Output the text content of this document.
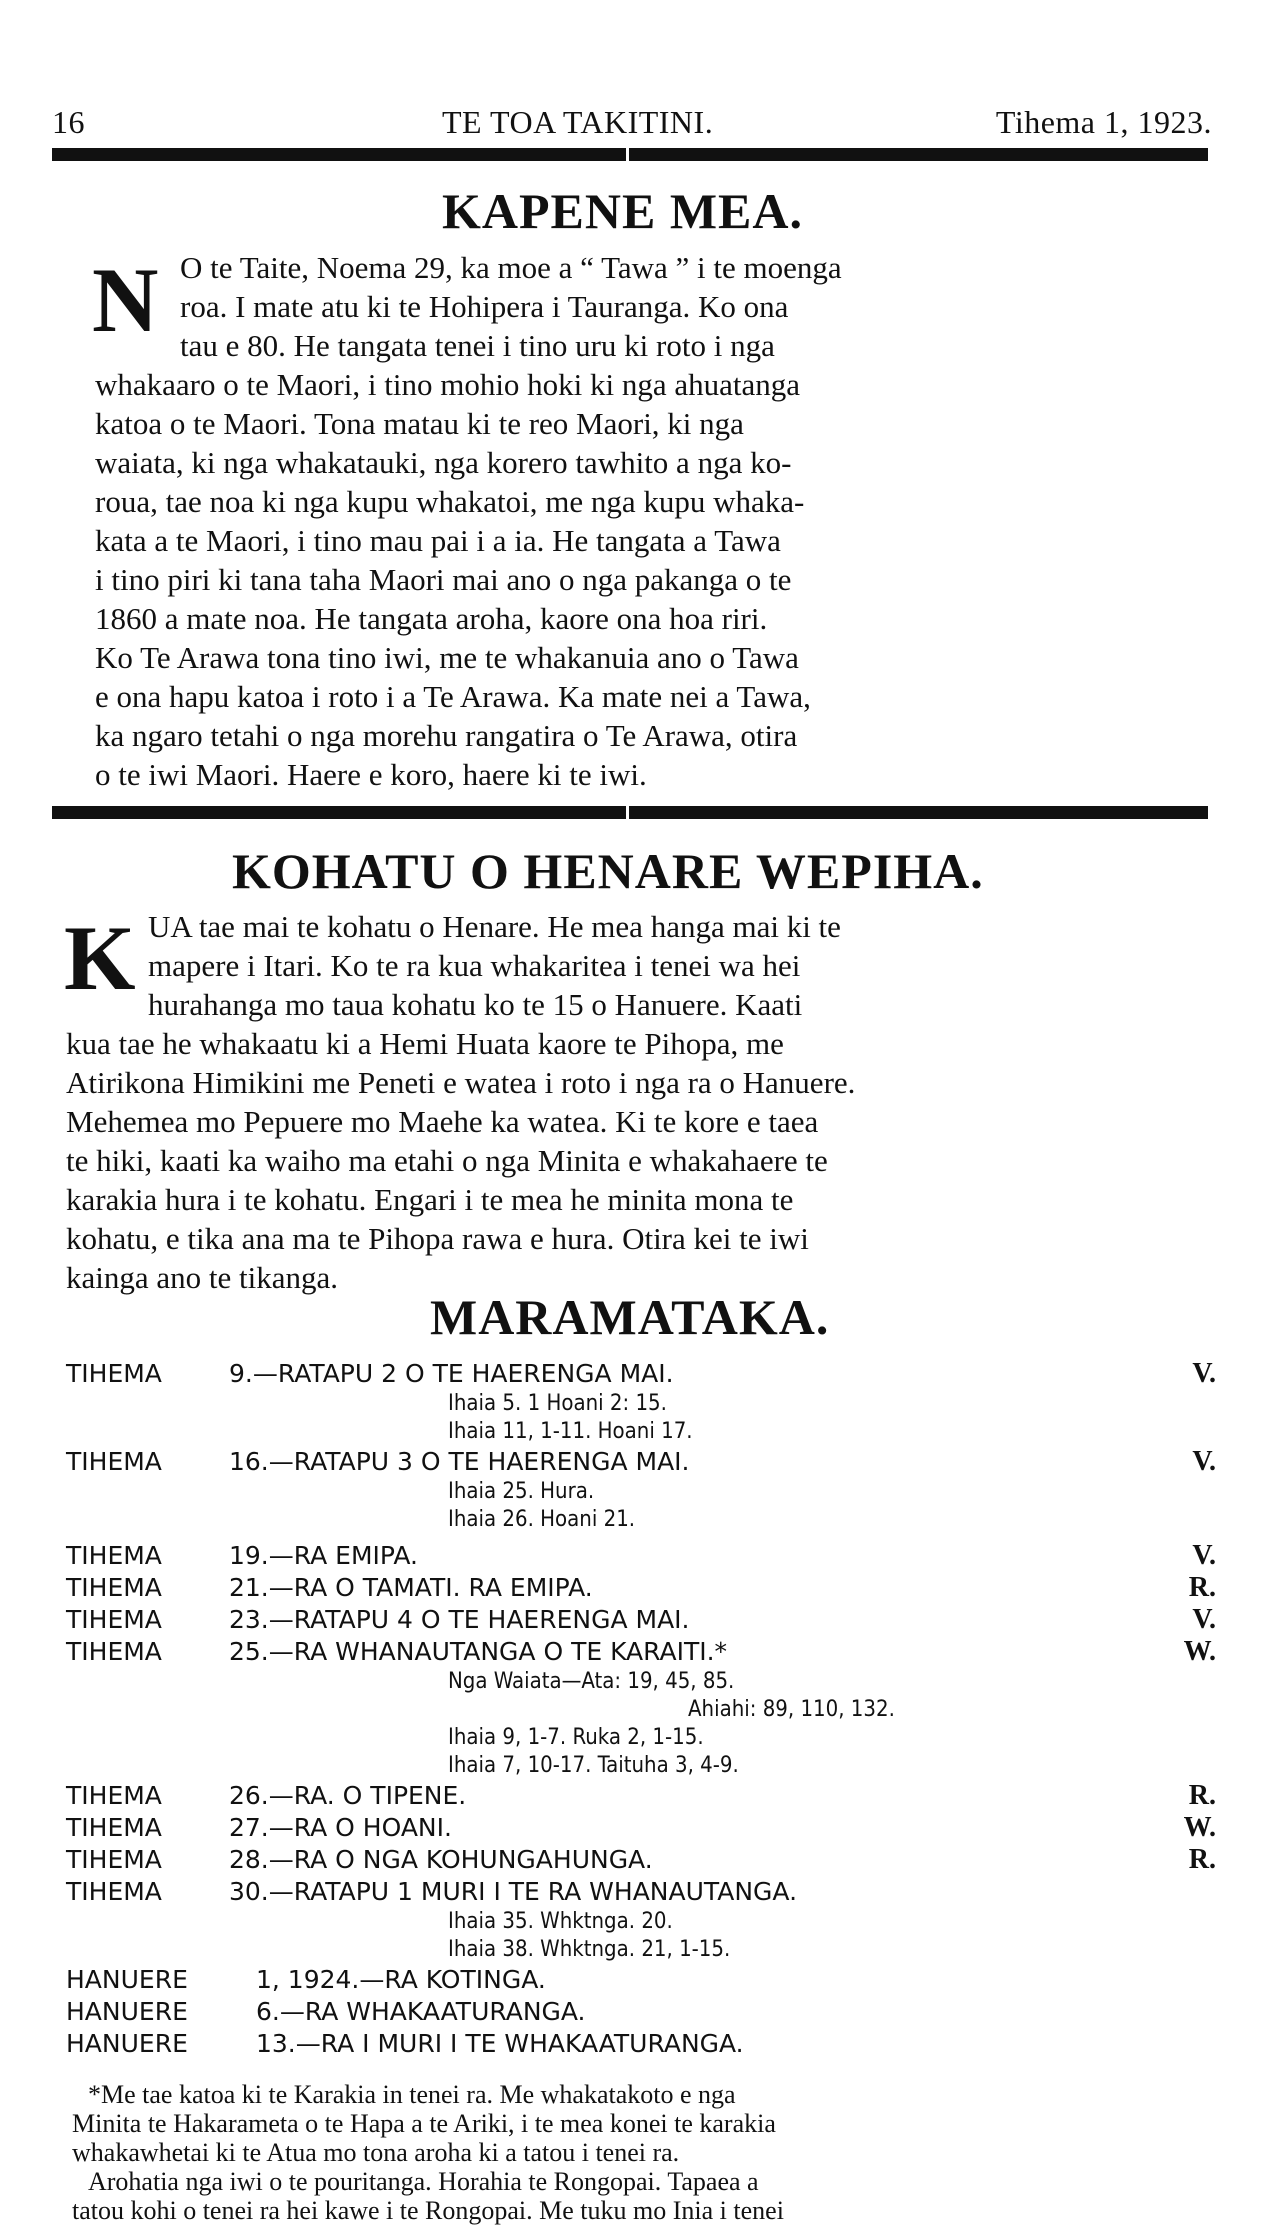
16	TE TOA TAKITINI.	Tihema 1, 1923.
KAPENE MEA.
N O te Taite, Noema 29, ka moe a “ Tawa ” i te moenga
roa. I mate atu ki te Hohipera i Tauranga. Ko ona
tau e 80. He tangata tenei i tino uru ki roto i nga
whakaaro o te Maori, i tino mohio hoki ki nga ahuatanga
katoa o te Maori. Tona matau ki te reo Maori, ki nga
waiata, ki nga whakatauki, nga korero tawhito a nga ko-
roua, tae noa ki nga kupu whakatoi, me nga kupu whaka-
kata a te Maori, i tino mau pai i a ia. He tangata a Tawa
i tino piri ki tana taha Maori mai ano o nga pakanga o te
1860 a mate noa. He tangata aroha, kaore ona hoa riri.
Ko Te Arawa tona tino iwi, me te whakanuia ano o Tawa
e ona hapu katoa i roto i a Te Arawa. Ka mate nei a Tawa,
ka ngaro tetahi o nga morehu rangatira o Te Arawa, otira
o te iwi Maori. Haere e koro, haere ki te iwi.
KOHATU O HENARE WEPIHA.
K UA tae mai te kohatu o Henare. He mea hanga mai ki te
mapere i Itari. Ko te ra kua whakaritea i tenei wa hei
hurahanga mo taua kohatu ko te 15 o Hanuere. Kaati
kua tae he whakaatu ki a Hemi Huata kaore te Pihopa, me
Atirikona Himikini me Peneti e watea i roto i nga ra o Hanuere.
Mehemea mo Pepuere mo Maehe ka watea. Ki te kore e taea
te hiki, kaati ka waiho ma etahi o nga Minita e whakahaere te
karakia hura i te kohatu. Engari i te mea he minita mona te
kohatu, e tika ana ma te Pihopa rawa e hura. Otira kei te iwi
kainga ano te tikanga.
MARAMATAKA.
TIHEMA	9.—RATAPU 2 O TE HAERENGA MAI.	V.
Ihaia 5. 1 Hoani 2: 15.
Ihaia 11, 1-11. Hoani 17.
TIHEMA	16.—RATAPU 3 O TE HAERENGA MAI.	V.
Ihaia 25. Hura.
Ihaia 26. Hoani 21.
TIHEMA	19.—RA EMIPA.	V.
TIHEMA	21.—RA O TAMATI. RA EMIPA.	R.
TIHEMA	23.—RATAPU 4 O TE HAERENGA MAI.	V.
TIHEMA	25.—RA WHANAUTANGA O TE KARAITI.*	W.
Nga Waiata—Ata: 19, 45, 85.
Ahiahi: 89, 110, 132.
Ihaia 9, 1-7. Ruka 2, 1-15.
Ihaia 7, 10-17. Taituha 3, 4-9.
TIHEMA	26.—RA. O TIPENE.	R.
TIHEMA	27.—RA O HOANI.	W.
TIHEMA	28.—RA O NGA KOHUNGAHUNGA.	R.
TIHEMA	30.—RATAPU 1 MURI I TE RA WHANAUTANGA.
Ihaia 35. Whktnga. 20.
Ihaia 38. Whktnga. 21, 1-15.
HANUERE	1, 1924.—RA KOTINGA.
HANUERE	6.—RA WHAKAATURANGA.
HANUERE	13.—RA I MURI I TE WHAKAATURANGA.
*Me tae katoa ki te Karakia in tenei ra. Me whakatakoto e nga
Minita te Hakarameta o te Hapa a te Ariki, i te mea konei te karakia
whakawhetai ki te Atua mo tona aroha ki a tatou i tenei ra.
Arohatia nga iwi o te pouritanga. Horahia te Rongopai. Tapaea a
tatou kohi o tenei ra hei kawe i te Rongopai. Me tuku mo Inia i tenei
